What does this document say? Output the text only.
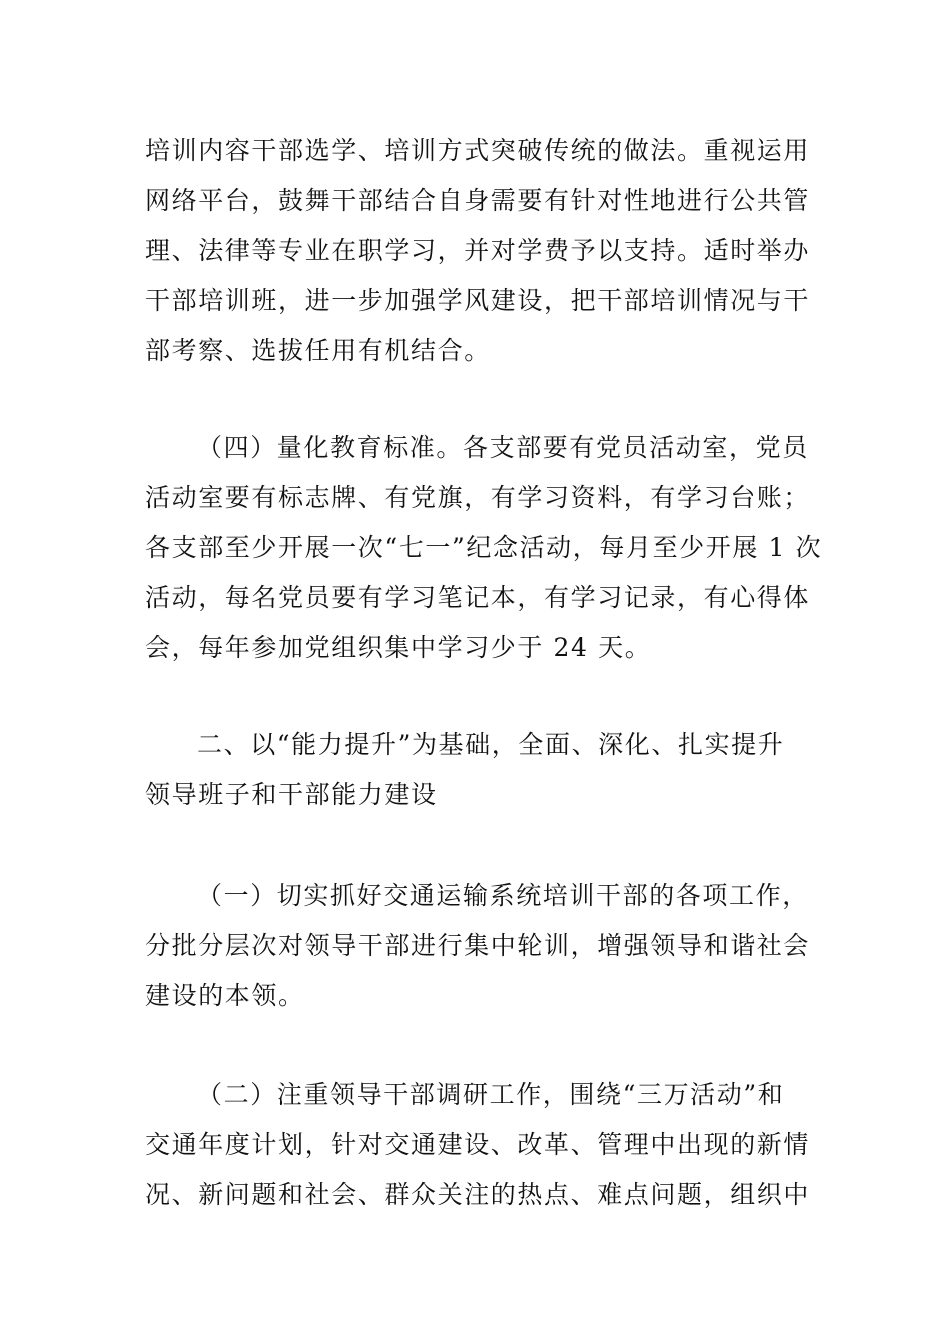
培训内容干部选学、培训方式突破传统的做法。重视运用
网络平台，鼓舞干部结合自身需要有针对性地进行公共管
理、法律等专业在职学习，并对学费予以支持。适时举办
干部培训班，进一步加强学风建设，把干部培训情况与干
部考察、选拔任用有机结合。
（四）量化教育标准。各支部要有党员活动室，党员
活动室要有标志牌、有党旗，有学习资料，有学习台账；
各支部至少开展一次“七一”纪念活动，每月至少开展 1 次
活动，每名党员要有学习笔记本，有学习记录，有心得体
会，每年参加党组织集中学习少于 24 天。
二、以“能力提升”为基础，全面、深化、扎实提升
领导班子和干部能力建设
（一）切实抓好交通运输系统培训干部的各项工作，
分批分层次对领导干部进行集中轮训，增强领导和谐社会
建设的本领。
（二）注重领导干部调研工作，围绕“三万活动”和
交通年度计划，针对交通建设、改革、管理中出现的新情
况、新问题和社会、群众关注的热点、难点问题，组织中
